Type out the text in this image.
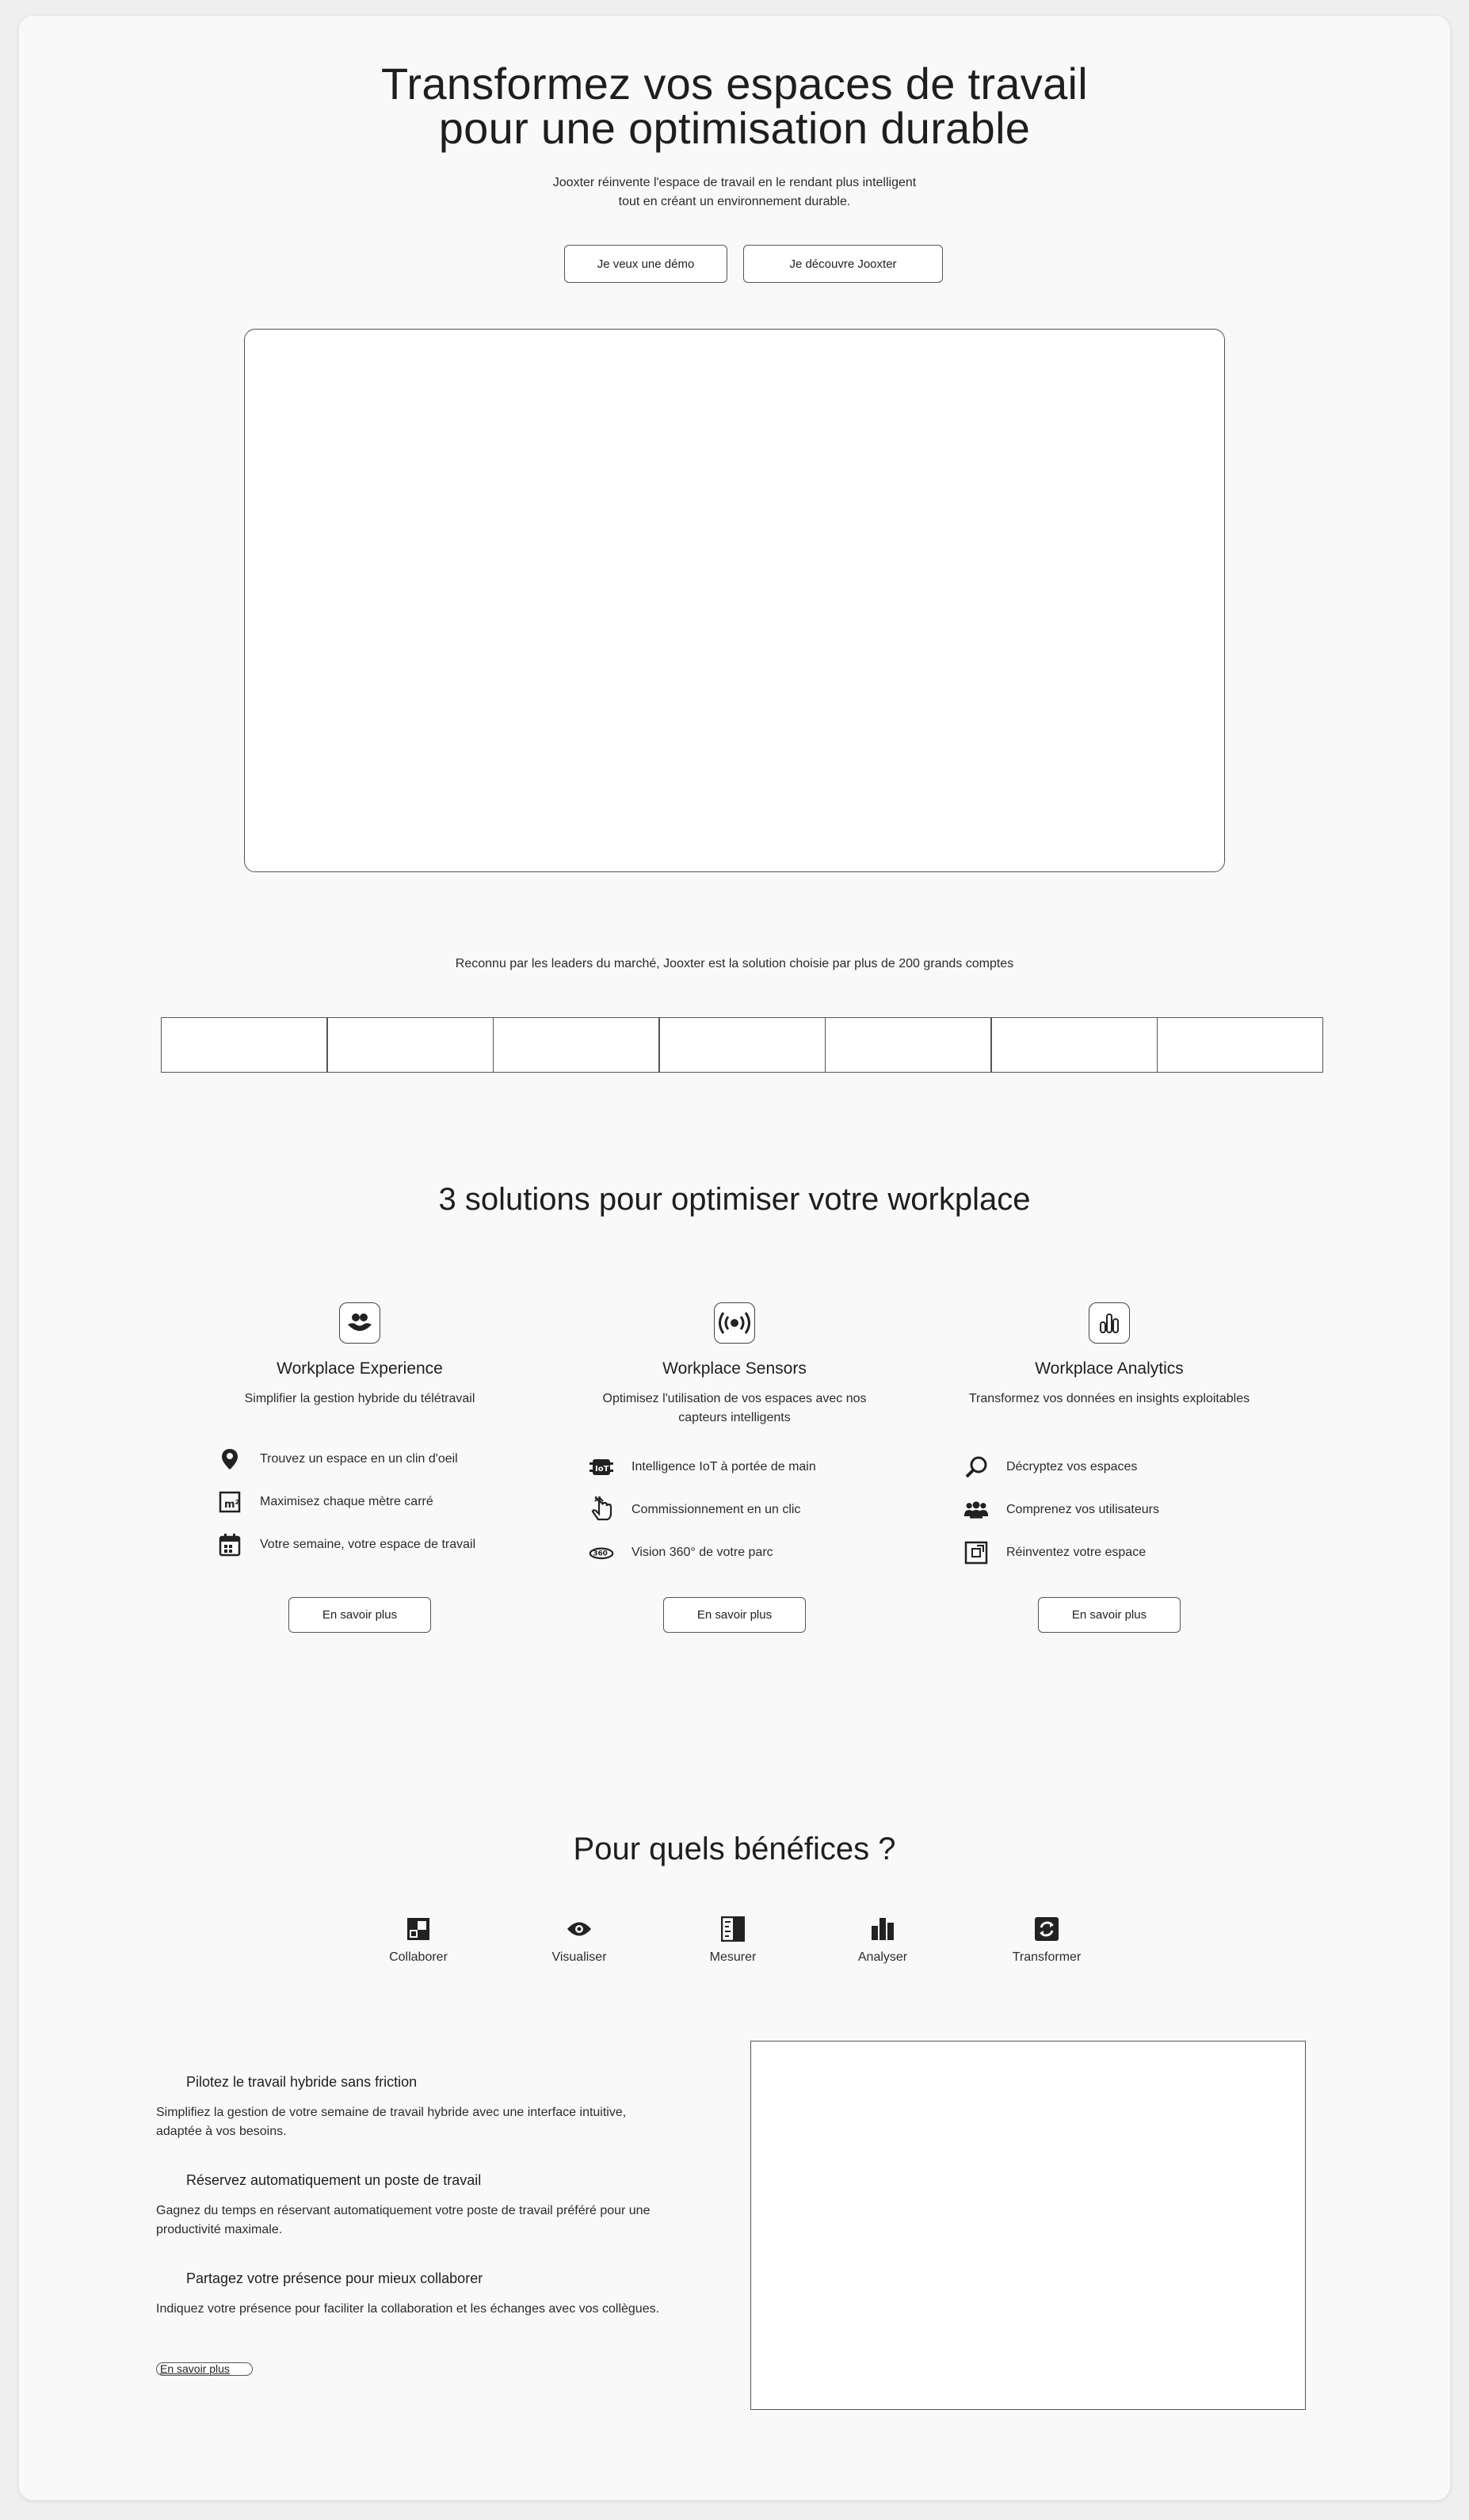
Transformez vos espaces de travail
pour une optimisation durable
Jooxter réinvente l'espace de travail en le rendant plus intelligent
tout en créant un environnement durable.
Je veux une démo	Je découvre Jooxter
Reconnu par les leaders du marché, Jooxter est la solution choisie par plus de 200 grands comptes
3 solutions pour optimiser votre workplace
Workplace Experience
Simplifier la gestion hybride du télétravail
Trouvez un espace en un clin d'oeil
m² Maximisez chaque mètre carré
Votre semaine, votre espace de travail
En savoir plus
Workplace Sensors
Optimisez l'utilisation de vos espaces avec nos capteurs intelligents
IoT Intelligence IoT à portée de main
Commissionnement en un clic
360 Vision 360° de votre parc
En savoir plus
Workplace Analytics
Transformez vos données en insights exploitables
Décryptez vos espaces
Comprenez vos utilisateurs
Réinventez votre espace
En savoir plus
Pour quels bénéfices ?
Collaborer	Visualiser	Mesurer	Analyser	Transformer
Pilotez le travail hybride sans friction
Simplifiez la gestion de votre semaine de travail hybride avec une interface intuitive, adaptée à vos besoins.
Réservez automatiquement un poste de travail
Gagnez du temps en réservant automatiquement votre poste de travail préféré pour une productivité maximale.
Partagez votre présence pour mieux collaborer
Indiquez votre présence pour faciliter la collaboration et les échanges avec vos collègues.
En savoir plus
